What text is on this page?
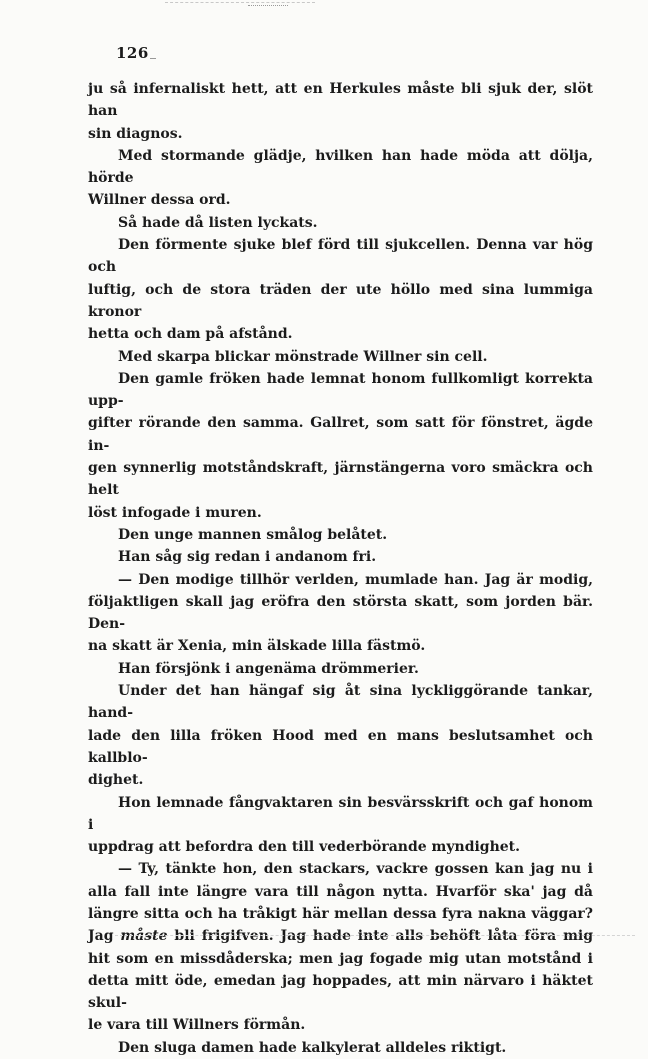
126

ju så infernaliskt hett, att en Herkules måste bli sjuk der, slöt han
sin diagnos.

Med stormande glädje, hvilken han hade möda att dölja, hörde
Willner dessa ord.

Så hade då listen lyckats.

Den förmente sjuke blef förd till sjukcellen. Denna var hög och
luftig, och de stora träden der ute höllo med sina lummiga kronor
hetta och dam på afstånd.

Med skarpa blickar mönstrade Willner sin cell.

Den gamle fröken hade lemnat honom fullkomligt korrekta upp-
gifter rörande den samma. Gallret, som satt för fönstret, ägde in-
gen synnerlig motståndskraft, järnstängerna voro smäckra och helt
löst infogade i muren.

Den unge mannen smålog belåtet.

Han såg sig redan i andanom fri.

— Den modige tillhör verlden, mumlade han. Jag är modig,
följaktligen skall jag eröfra den största skatt, som jorden bär. Den-
na skatt är Xenia, min älskade lilla fästmö.

Han försjönk i angenäma drömmerier.

Under det han hängaf sig åt sina lyckliggörande tankar, hand-
lade den lilla fröken Hood med en mans beslutsamhet och kallblo-
dighet.

Hon lemnade fångvaktaren sin besvärsskrift och gaf honom i
uppdrag att befordra den till vederbörande myndighet.

— Ty, tänkte hon, den stackars, vackre gossen kan jag nu i
alla fall inte längre vara till någon nytta. Hvarför ska' jag då
längre sitta och ha tråkigt här mellan dessa fyra nakna väggar?
Jag måste bli frigifven. Jag hade inte alls behöft låta föra mig
hit som en missdåderska; men jag fogade mig utan motstånd i
detta mitt öde, emedan jag hoppades, att min närvaro i häktet skul-
le vara till Willners förmån.

Den sluga damen hade kalkylerat alldeles riktigt.
